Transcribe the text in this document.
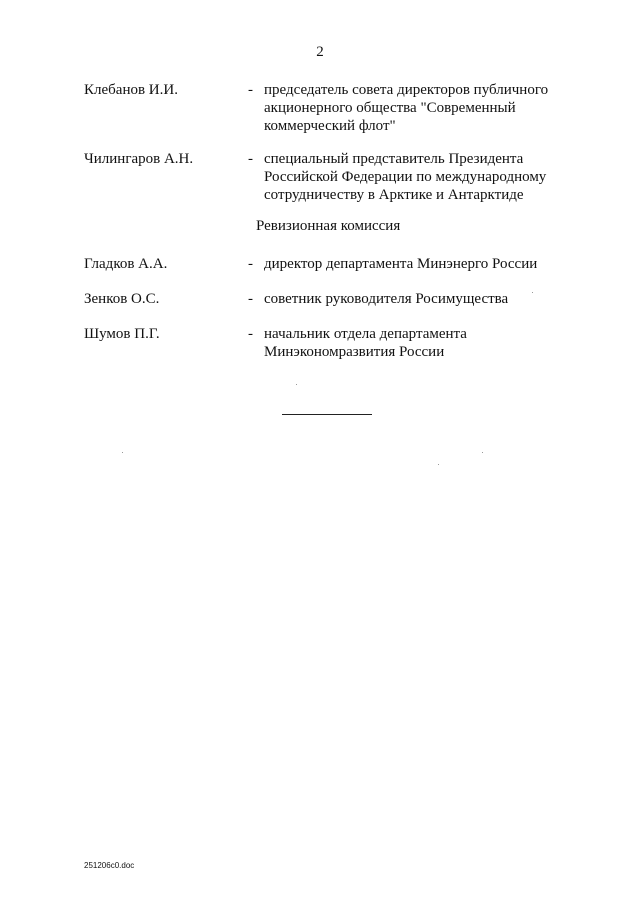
2
Клебанов И.И.	- председатель совета директоров публичного
акционерного общества "Современный
коммерческий флот"
Чилингаров А.Н.	- специальный представитель Президента
Российской Федерации по международному
сотрудничеству в Арктике и Антарктиде
Ревизионная комиссия
Гладков А.А.	- директор департамента Минэнерго России
Зенков О.С.	- советник руководителя Росимущества
Шумов П.Г.	- начальник отдела департамента
Минэкономразвития России
251206c0.doc
